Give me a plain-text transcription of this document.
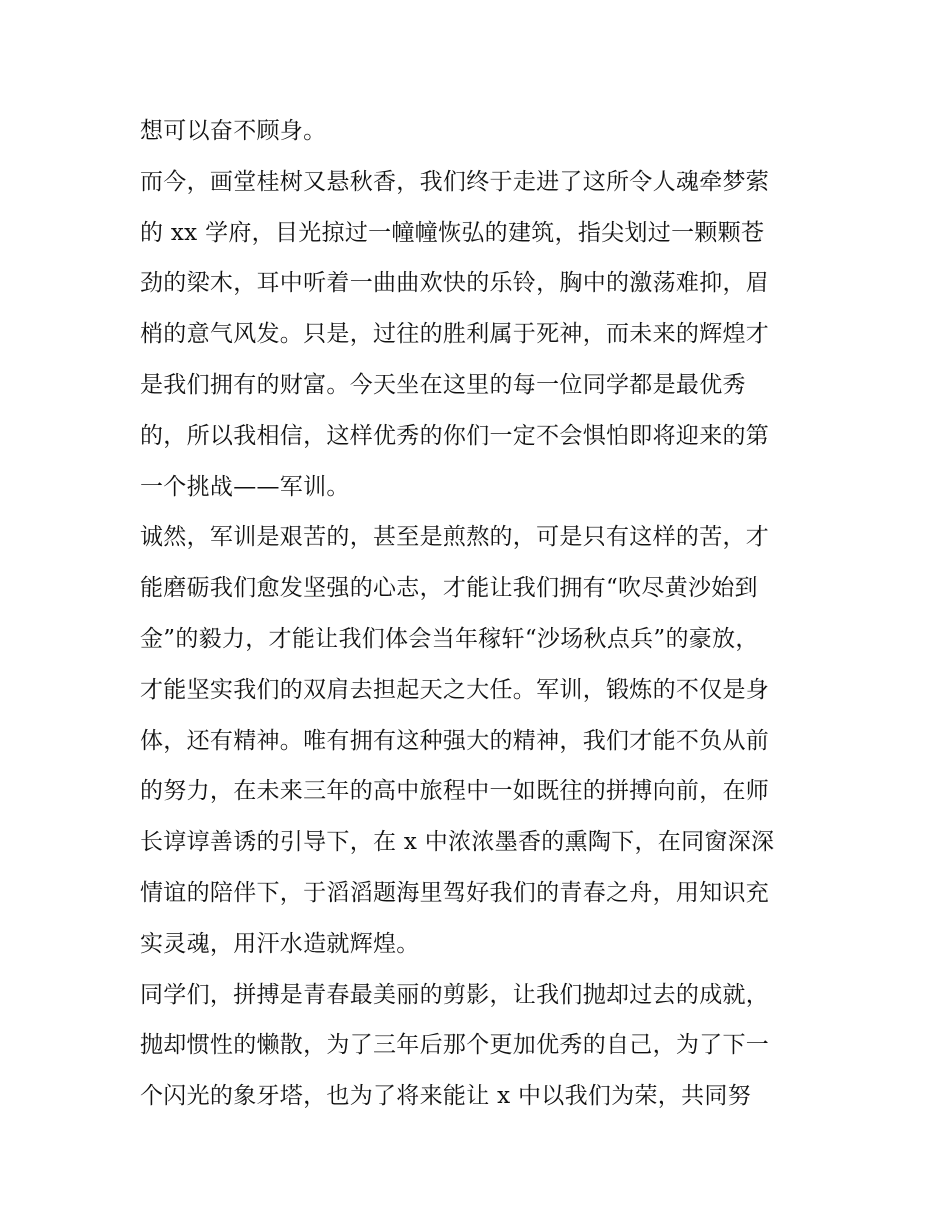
想可以奋不顾身。
而今，画堂桂树又悬秋香，我们终于走进了这所令人魂牵梦萦
的 xx 学府，目光掠过一幢幢恢弘的建筑，指尖划过一颗颗苍
劲的梁木，耳中听着一曲曲欢快的乐铃，胸中的激荡难抑，眉
梢的意气风发。只是，过往的胜利属于死神，而未来的辉煌才
是我们拥有的财富。今天坐在这里的每一位同学都是最优秀
的，所以我相信，这样优秀的你们一定不会惧怕即将迎来的第
一个挑战——军训。
诚然，军训是艰苦的，甚至是煎熬的，可是只有这样的苦，才
能磨砺我们愈发坚强的心志，才能让我们拥有“吹尽黄沙始到
金”的毅力，才能让我们体会当年稼轩“沙场秋点兵”的豪放，
才能坚实我们的双肩去担起天之大任。军训，锻炼的不仅是身
体，还有精神。唯有拥有这种强大的精神，我们才能不负从前
的努力，在未来三年的高中旅程中一如既往的拼搏向前，在师
长谆谆善诱的引导下，在 x 中浓浓墨香的熏陶下，在同窗深深
情谊的陪伴下，于滔滔题海里驾好我们的青春之舟，用知识充
实灵魂，用汗水造就辉煌。
同学们，拼搏是青春最美丽的剪影，让我们抛却过去的成就，
抛却惯性的懒散，为了三年后那个更加优秀的自己，为了下一
个闪光的象牙塔，也为了将来能让 x 中以我们为荣，共同努
